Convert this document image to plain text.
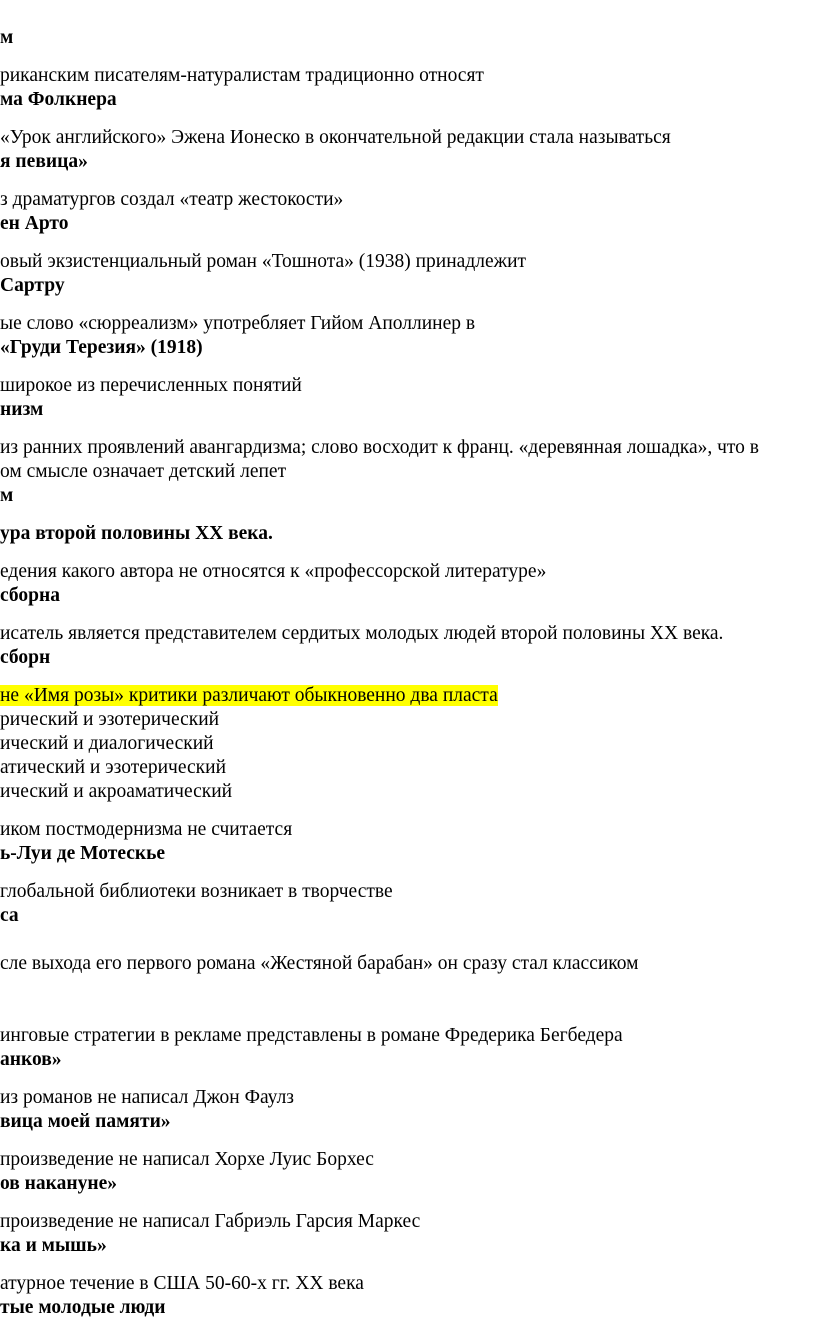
м
риканским писателям-натуралистам традиционно относят
ма Фолкнера
«Урок английского» Эжена Ионеско в окончательной редакции стала называться
я певица»
з драматургов создал «театр жестокости»
ен Арто
овый экзистенциальный роман «Тошнота» (1938) принадлежит
Сартру
ые слово «сюрреализм» употребляет Гийом Аполлинер в
«Груди Терезия» (1918)
широкое из перечисленных понятий
низм
из ранних проявлений авангардизма; слово восходит к франц. «деревянная лошадка», что в
ом смысле означает детский лепет
м
ура второй половины ХХ века.
едения какого автора не относятся к «профессорской литературе»
сборна
исатель является представителем сердитых молодых людей второй половины ХХ века.
сборн
не «Имя розы» критики различают обыкновенно два пласта
рический и эзотерический
ический и диалогический
атический и эзотерический
ический и акроаматический
иком постмодернизма не считается
ь-Луи де Мотескье
глобальной библиотеки возникает в творчестве
са
сле выхода его первого романа «Жестяной барабан» он сразу стал классиком
инговые стратегии в рекламе представлены в романе Фредерика Бегбедера
анков»
из романов не написал Джон Фаулз
вица моей памяти»
произведение не написал Хорхе Луис Борхес
ов накануне»
произведение не написал Габриэль Гарсия Маркес
ка и мышь»
атурное течение в США 50-60-х гг. ХХ века
тые молодые люди
